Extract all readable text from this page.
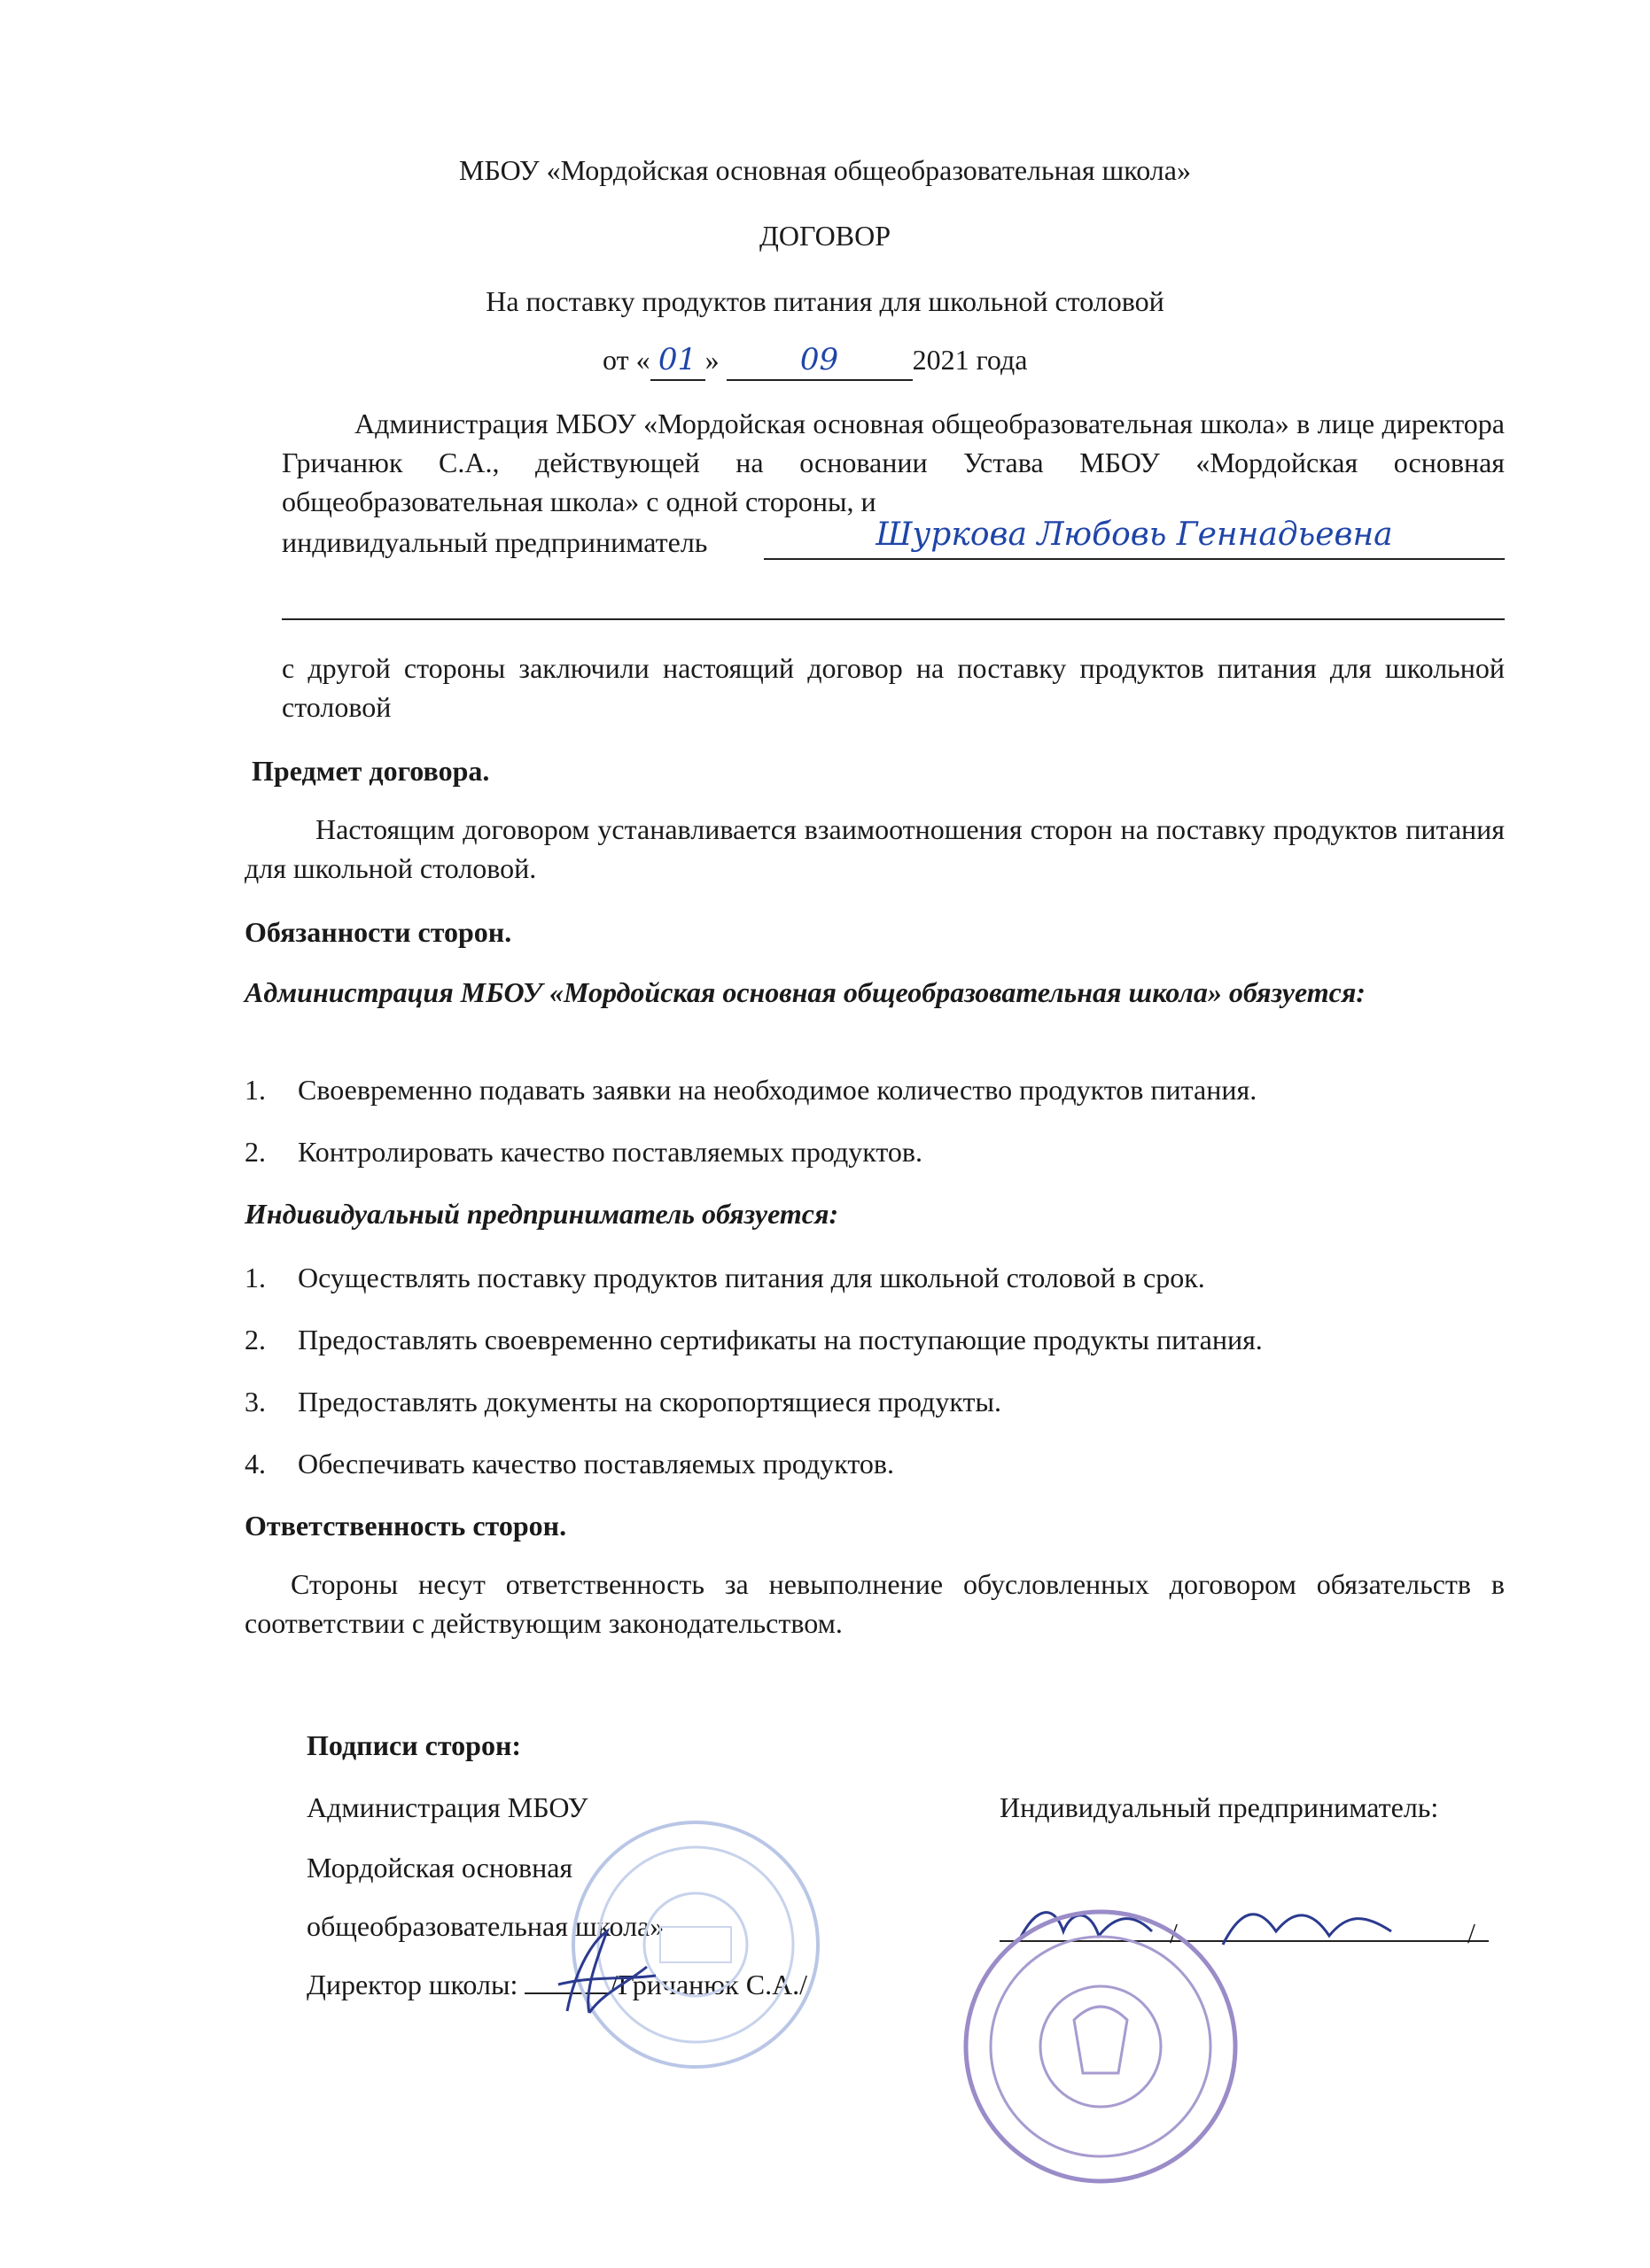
МБОУ «Мордойская основная общеобразовательная школа»
ДОГОВОР
На поставку продуктов питания для школьной столовой
от « 01 »	09	2021 года
Администрация МБОУ «Мордойская основная общеобразовательная школа» в лице директора Гричанюк С.А., действующей на основании Устава МБОУ «Мордойская основная общеобразовательная школа» с одной стороны, и
индивидуальный предприниматель	Шуркова Любовь Геннадьевна
с другой стороны заключили настоящий договор на поставку продуктов питания для школьной столовой
Предмет договора.
Настоящим договором устанавливается взаимоотношения сторон на поставку продуктов питания для школьной столовой.
Обязанности сторон.
Администрация МБОУ «Мордойская основная общеобразовательная школа» обязуется:
1. Своевременно подавать заявки на необходимое количество продуктов питания.
2. Контролировать качество поставляемых продуктов.
Индивидуальный предприниматель обязуется:
1. Осуществлять поставку продуктов питания для школьной столовой в срок.
2. Предоставлять своевременно сертификаты на поступающие продукты питания.
3. Предоставлять документы на скоропортящиеся продукты.
4. Обеспечивать качество поставляемых продуктов.
Ответственность сторон.
Стороны несут ответственность за невыполнение обусловленных договором обязательств в соответствии с действующим законодательством.
Подписи сторон:
Администрация МБОУ
Мордойская основная
общеобразовательная школа»
Директор школы:	/Гричанюк С.А./
Индивидуальный предприниматель:
/	/
